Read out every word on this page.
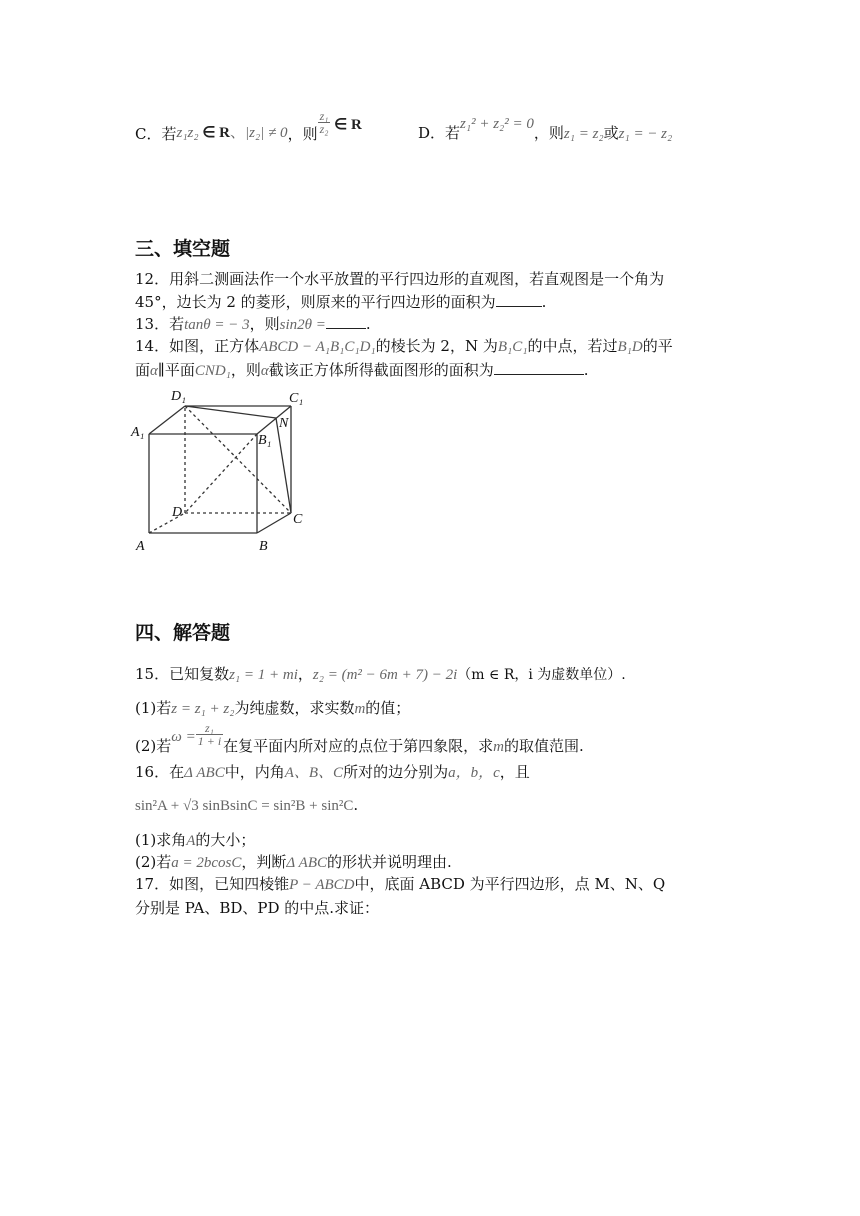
C．若z₁z₂ ∈ R、|z₂| ≠ 0，则 $\frac{\text{z₁}}{\text{z₂}}$ ∈ R	D．若z₁² + z₂² = 0，则z₁ = z₂或z₁ = − z₂
三、填空题
12．用斜二测画法作一个水平放置的平行四边形的直观图，若直观图是一个角为
45°，边长为 2 的菱形，则原来的平行四边形的面积为	.
13．若tanθ = − 3，则sin2θ =	.
14．如图，正方体ABCD − A₁B₁C₁D₁的棱长为 2，N 为B₁C₁的中点，若过B₁D的平
面α∥平面CND₁，则α截该正方体所得截面图形的面积为	.
D₁	C₁
A₁
B₁
N
D	C
A	B
四、解答题
15．已知复数z₁ = 1 + mi，z₂ = (m² − 6m + 7) − 2i（m ∈ R，i 为虚数单位）.
(1)若z = z₁ + z₂为纯虚数，求实数m的值；
(2)若$\omega = \frac{\text{z₁}}{1 + i}$ 在复平面内所对应的点位于第四象限，求m的取值范围.
16．在Δ ABC中，内角A、B、C所对的边分别为a，b，c，且
sin²A + √3 sinBsinC = sin²B + sin²C.
(1)求角A的大小；
(2)若a = 2bcosC，判断Δ ABC的形状并说明理由.
17．如图，已知四棱锥P − ABCD中，底面 ABCD 为平行四边形，点 M、N、Q
分别是 PA、BD、PD 的中点.求证：
